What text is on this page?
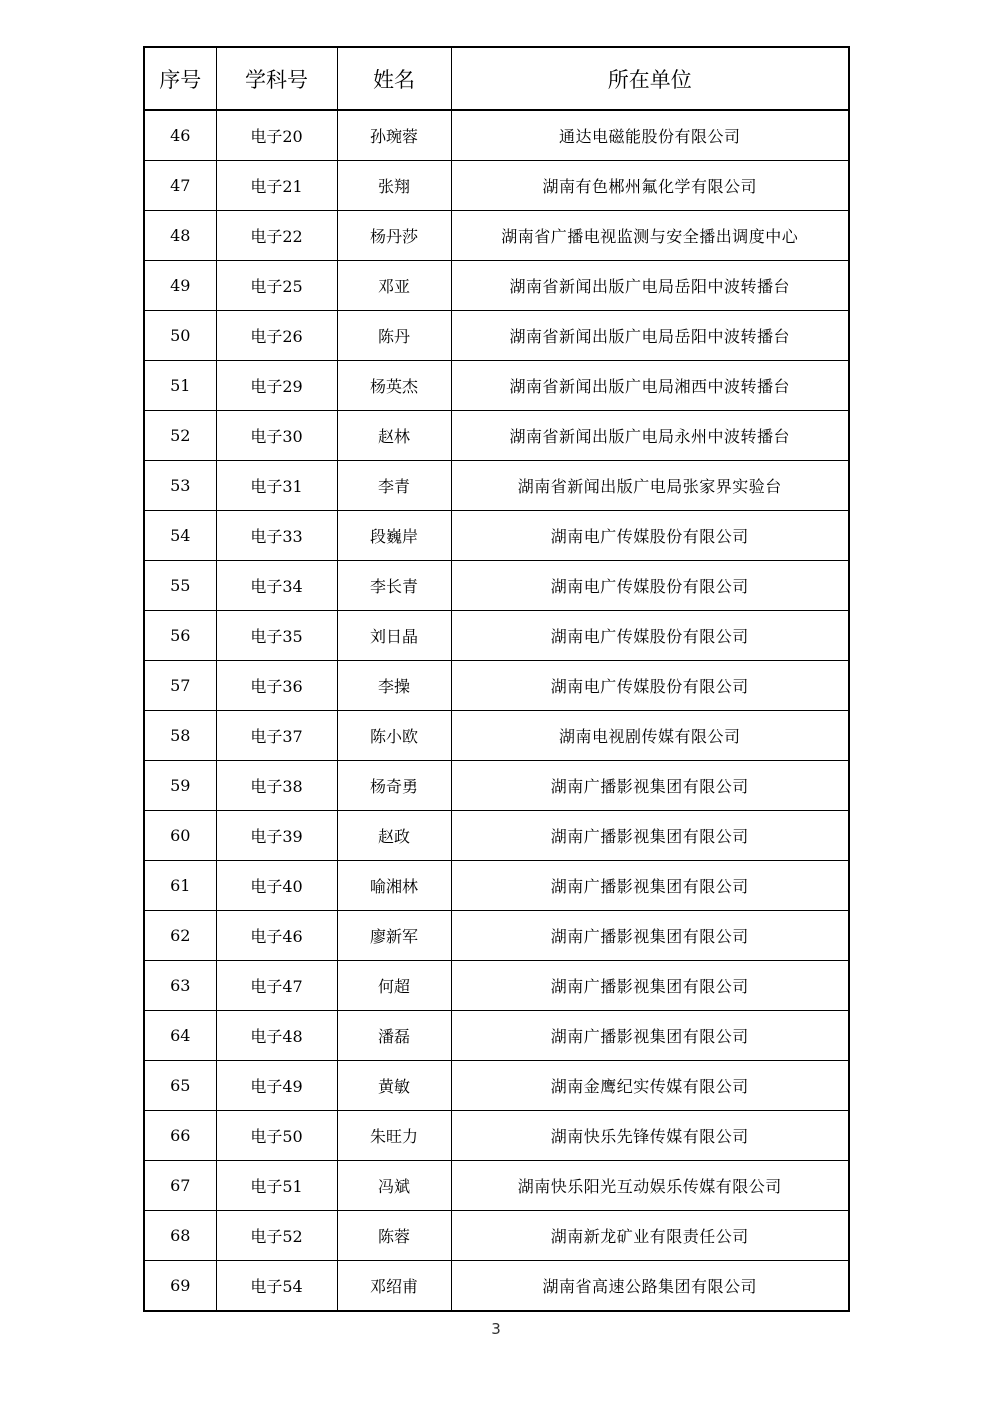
序号	学科号	姓名	所在单位
46	电子20	孙琬蓉	通达电磁能股份有限公司
47	电子21	张翔	湖南有色郴州氟化学有限公司
48	电子22	杨丹莎	湖南省广播电视监测与安全播出调度中心
49	电子25	邓亚	湖南省新闻出版广电局岳阳中波转播台
50	电子26	陈丹	湖南省新闻出版广电局岳阳中波转播台
51	电子29	杨英杰	湖南省新闻出版广电局湘西中波转播台
52	电子30	赵林	湖南省新闻出版广电局永州中波转播台
53	电子31	李青	湖南省新闻出版广电局张家界实验台
54	电子33	段巍岸	湖南电广传媒股份有限公司
55	电子34	李长青	湖南电广传媒股份有限公司
56	电子35	刘日晶	湖南电广传媒股份有限公司
57	电子36	李操	湖南电广传媒股份有限公司
58	电子37	陈小欧	湖南电视剧传媒有限公司
59	电子38	杨奇勇	湖南广播影视集团有限公司
60	电子39	赵政	湖南广播影视集团有限公司
61	电子40	喻湘林	湖南广播影视集团有限公司
62	电子46	廖新军	湖南广播影视集团有限公司
63	电子47	何超	湖南广播影视集团有限公司
64	电子48	潘磊	湖南广播影视集团有限公司
65	电子49	黄敏	湖南金鹰纪实传媒有限公司
66	电子50	朱旺力	湖南快乐先锋传媒有限公司
67	电子51	冯斌	湖南快乐阳光互动娱乐传媒有限公司
68	电子52	陈蓉	湖南新龙矿业有限责任公司
69	电子54	邓绍甫	湖南省高速公路集团有限公司
3
